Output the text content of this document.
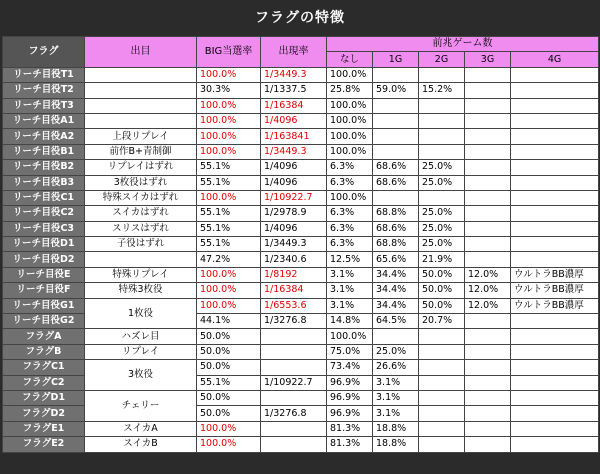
フラグの特徴
フラグ	出目	BIG当選率	出現率	前兆ゲーム数				
				なし	1G	2G	3G	4G
リーチ目役T1		100.0%	1/3449.3	100.0%				
リーチ目役T2		30.3%	1/1337.5	25.8%	59.0%	15.2%		
リーチ目役T3		100.0%	1/16384	100.0%				
リーチ目役A1		100.0%	1/4096	100.0%				
リーチ目役A2	上段リプレイ	100.0%	1/163841	100.0%				
リーチ目役B1	前作B+青制御	100.0%	1/3449.3	100.0%				
リーチ目役B2	リプレイはずれ	55.1%	1/4096	6.3%	68.6%	25.0%		
リーチ目役B3	3枚役はずれ	55.1%	1/4096	6.3%	68.6%	25.0%		
リーチ目役C1	特殊スイカはずれ	100.0%	1/10922.7	100.0%				
リーチ目役C2	スイカはずれ	55.1%	1/2978.9	6.3%	68.8%	25.0%		
リーチ目役C3	スリスはずれ	55.1%	1/4096	6.3%	68.6%	25.0%		
リーチ目役D1	子役はずれ	55.1%	1/3449.3	6.3%	68.8%	25.0%		
リーチ目役D2		47.2%	1/2340.6	12.5%	65.6%	21.9%		
リーチ目役E	特殊リプレイ	100.0%	1/8192	3.1%	34.4%	50.0%	12.0%	ウルトラBB濃厚
リーチ目役F	特殊3枚役	100.0%	1/16384	3.1%	34.4%	50.0%	12.0%	ウルトラBB濃厚
リーチ目役G1	1枚役	100.0%	1/6553.6	3.1%	34.4%	50.0%	12.0%	ウルトラBB濃厚
リーチ目役G2		44.1%	1/3276.8	14.8%	64.5%	20.7%		
フラグA	ハズレ目	50.0%		100.0%				
フラグB	リプレイ	50.0%		75.0%	25.0%			
フラグC1	3枚役	50.0%		73.4%	26.6%			
フラグC2		55.1%	1/10922.7	96.9%	3.1%			
フラグD1	チェリー	50.0%		96.9%	3.1%			
フラグD2		50.0%	1/3276.8	96.9%	3.1%			
フラグE1	スイカA	100.0%		81.3%	18.8%			
フラグE2	スイカB	100.0%		81.3%	18.8%			
